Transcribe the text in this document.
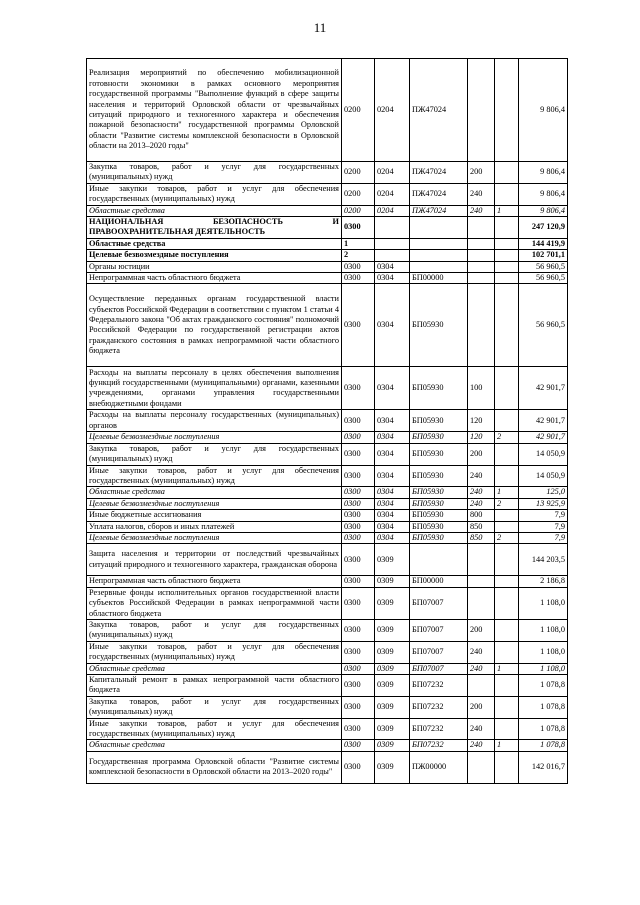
11
Реализация мероприятий по обеспечению мобилизационной готовности экономики в рамках основного мероприятия государственной программы "Выполнение функций в сфере защиты населения и территорий Орловской области от чрезвычайных ситуаций природного и техногенного характера и обеспечения пожарной безопасности" государственной программы Орловской области "Развитие системы комплексной безопасности в Орловской области на 2013–2020 годы"	0200	0204	ПЖ47024			9 806,4
Закупка товаров, работ и услуг для государственных (муниципальных) нужд	0200	0204	ПЖ47024	200		9 806,4
Иные закупки товаров, работ и услуг для обеспечения государственных (муниципальных) нужд	0200	0204	ПЖ47024	240		9 806,4
Областные средства	0200	0204	ПЖ47024	240	1	9 806,4
НАЦИОНАЛЬНАЯ БЕЗОПАСНОСТЬ И ПРАВООХРАНИТЕЛЬНАЯ ДЕЯТЕЛЬНОСТЬ	0300					247 120,9
Областные средства	1					144 419,9
Целевые безвозмездные поступления	2					102 701,1
Органы юстиции	0300	0304				56 960,5
Непрограммная часть областного бюджета	0300	0304	БП00000			56 960,5
Осуществление переданных органам государственной власти субъектов Российской Федерации в соответствии с пунктом 1 статьи 4 Федерального закона "Об актах гражданского состояния" полномочий Российской Федерации по государственной регистрации актов гражданского состояния в рамках непрограммной части областного бюджета	0300	0304	БП05930			56 960,5
Расходы на выплаты персоналу в целях обеспечения выполнения функций государственными (муниципальными) органами, казенными учреждениями, органами управления государственными внебюджетными фондами	0300	0304	БП05930	100		42 901,7
Расходы на выплаты персоналу государственных (муниципальных) органов	0300	0304	БП05930	120		42 901,7
Целевые безвозмездные поступления	0300	0304	БП05930	120	2	42 901,7
Закупка товаров, работ и услуг для государственных (муниципальных) нужд	0300	0304	БП05930	200		14 050,9
Иные закупки товаров, работ и услуг для обеспечения государственных (муниципальных) нужд	0300	0304	БП05930	240		14 050,9
Областные средства	0300	0304	БП05930	240	1	125,0
Целевые безвозмездные поступления	0300	0304	БП05930	240	2	13 925,9
Иные бюджетные ассигнования	0300	0304	БП05930	800		7,9
Уплата налогов, сборов и иных платежей	0300	0304	БП05930	850		7,9
Целевые безвозмездные поступления	0300	0304	БП05930	850	2	7,9
Защита населения и территории от последствий чрезвычайных ситуаций природного и техногенного характера, гражданская оборона	0300	0309				144 203,5
Непрограммная часть областного бюджета	0300	0309	БП00000			2 186,8
Резервные фонды исполнительных органов государственной власти субъектов Российской Федерации в рамках непрограммной части областного бюджета	0300	0309	БП07007			1 108,0
Закупка товаров, работ и услуг для государственных (муниципальных) нужд	0300	0309	БП07007	200		1 108,0
Иные закупки товаров, работ и услуг для обеспечения государственных (муниципальных) нужд	0300	0309	БП07007	240		1 108,0
Областные средства	0300	0309	БП07007	240	1	1 108,0
Капитальный ремонт в рамках непрограммной части областного бюджета	0300	0309	БП07232			1 078,8
Закупка товаров, работ и услуг для государственных (муниципальных) нужд	0300	0309	БП07232	200		1 078,8
Иные закупки товаров, работ и услуг для обеспечения государственных (муниципальных) нужд	0300	0309	БП07232	240		1 078,8
Областные средства	0300	0309	БП07232	240	1	1 078,8
Государственная программа Орловской области "Развитие системы комплексной безопасности в Орловской области на 2013–2020 годы"	0300	0309	ПЖ00000			142 016,7
